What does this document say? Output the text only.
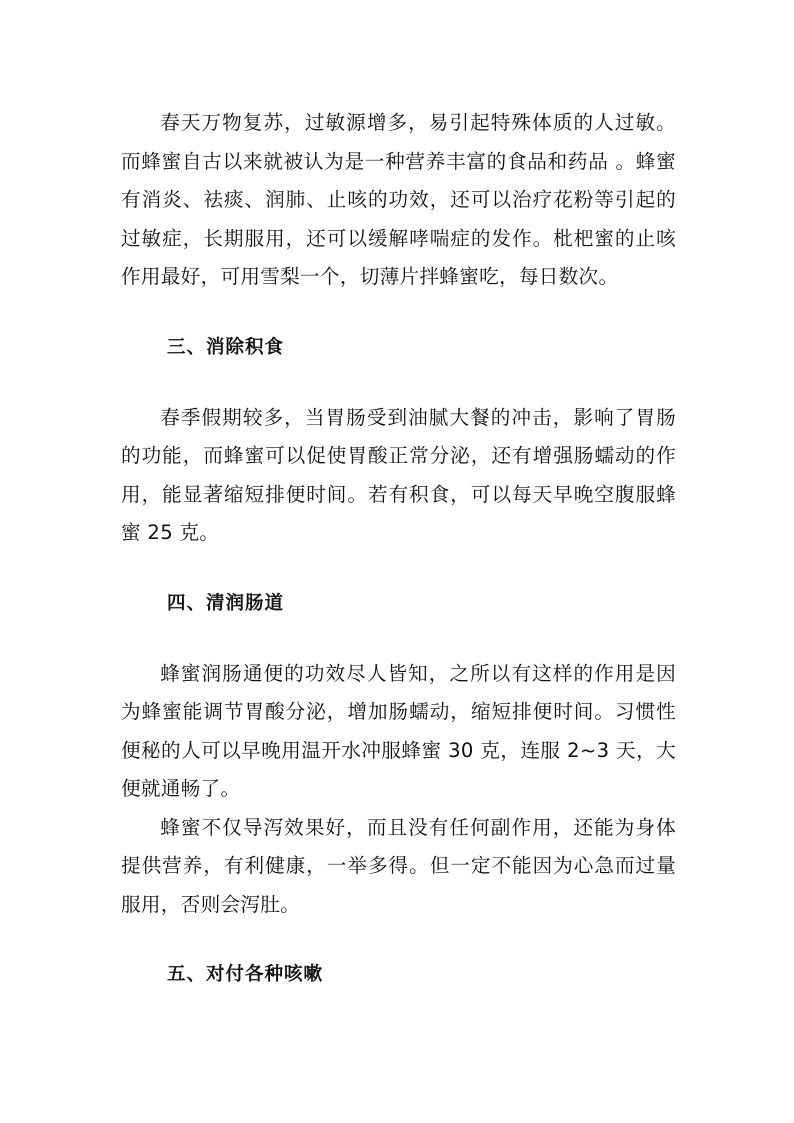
春天万物复苏，过敏源增多，易引起特殊体质的人过敏。而蜂蜜自古以来就被认为是一种营养丰富的食品和药品 。蜂蜜有消炎、祛痰、润肺、止咳的功效，还可以治疗花粉等引起的过敏症，长期服用，还可以缓解哮喘症的发作。枇杷蜜的止咳作用最好，可用雪梨一个，切薄片拌蜂蜜吃，每日数次。

三、消除积食

春季假期较多，当胃肠受到油腻大餐的冲击，影响了胃肠的功能，而蜂蜜可以促使胃酸正常分泌，还有增强肠蠕动的作用，能显著缩短排便时间。若有积食，可以每天早晚空腹服蜂蜜 25 克。

四、清润肠道

蜂蜜润肠通便的功效尽人皆知，之所以有这样的作用是因为蜂蜜能调节胃酸分泌，增加肠蠕动，缩短排便时间。习惯性便秘的人可以早晚用温开水冲服蜂蜜 30 克，连服 2~3 天，大便就通畅了。

蜂蜜不仅导泻效果好，而且没有任何副作用，还能为身体提供营养，有利健康，一举多得。但一定不能因为心急而过量服用，否则会泻肚。

五、对付各种咳嗽
